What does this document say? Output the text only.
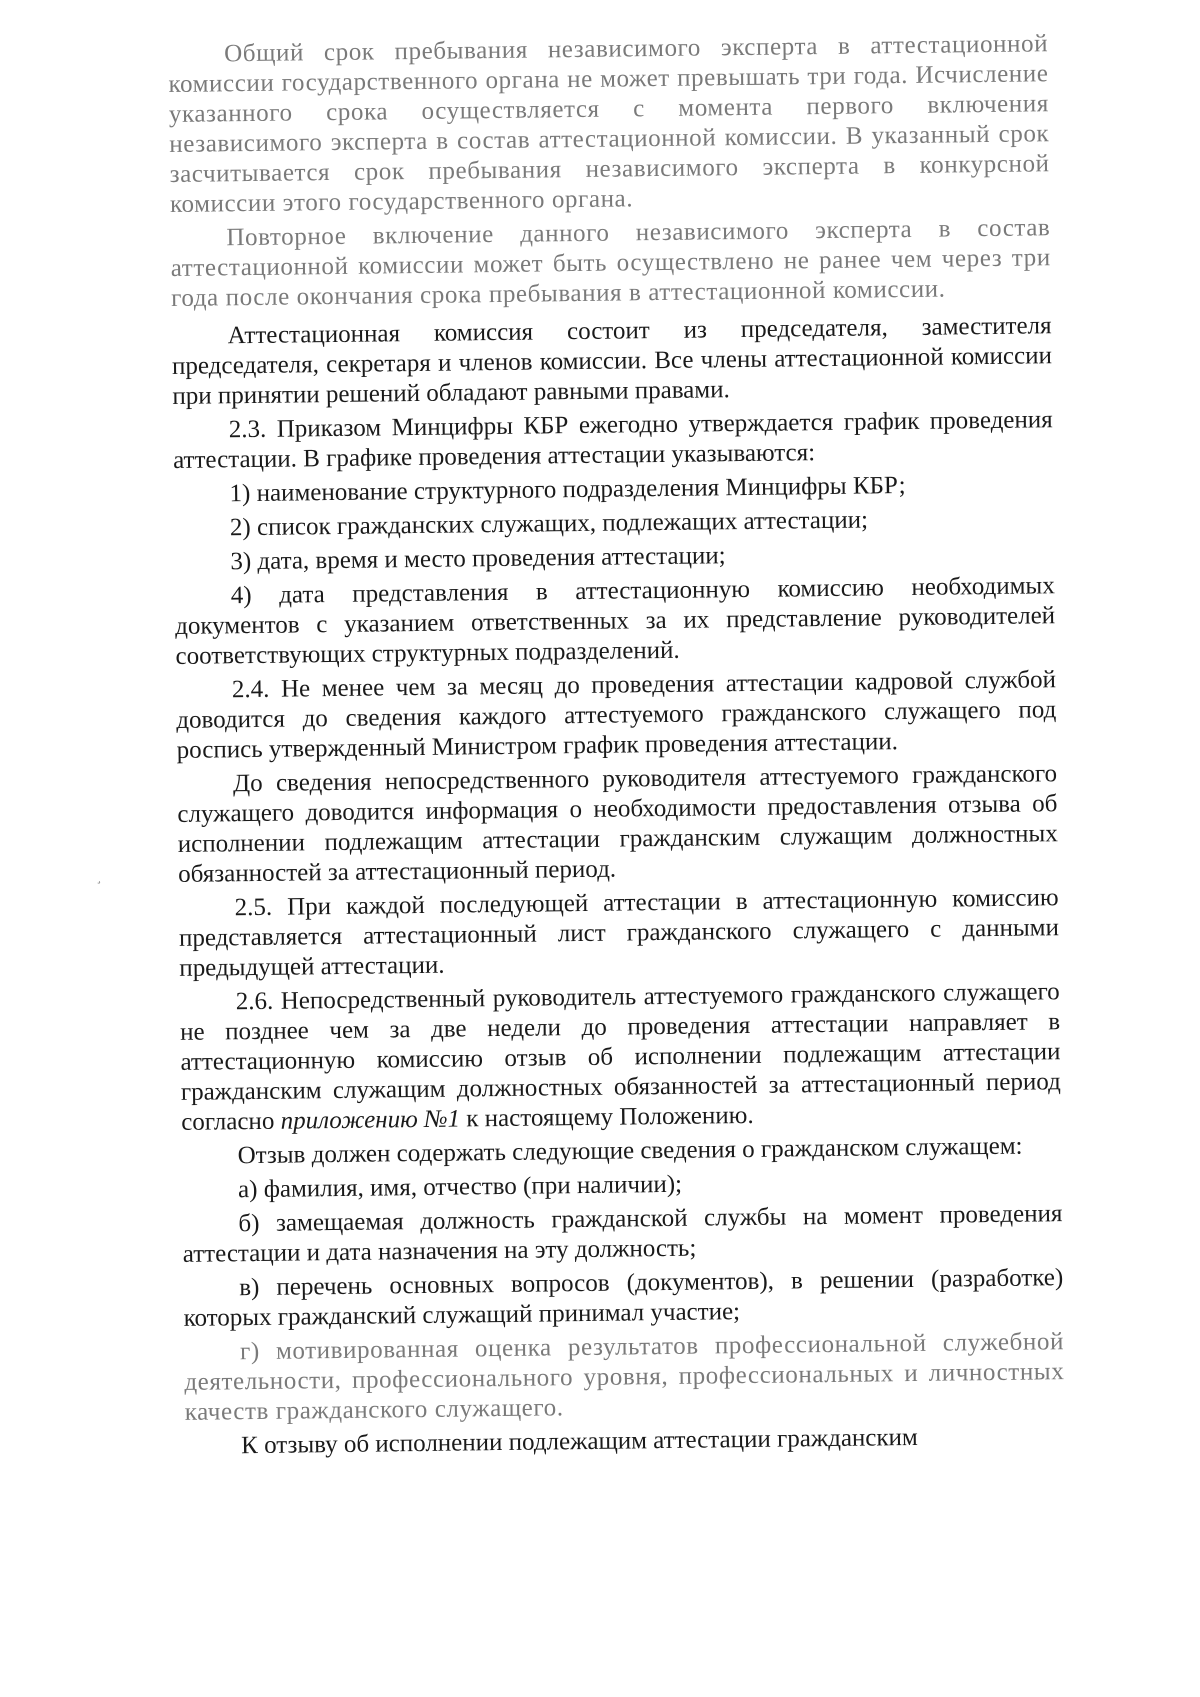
Общий срок пребывания независимого эксперта в аттестационной комиссии государственного органа не может превышать три года. Исчисление указанного срока осуществляется с момента первого включения независимого эксперта в состав аттестационной комиссии. В указанный срок засчитывается срок пребывания независимого эксперта в конкурсной комиссии этого государственного органа.

Повторное включение данного независимого эксперта в состав аттестационной комиссии может быть осуществлено не ранее чем через три года после окончания срока пребывания в аттестационной комиссии.

Аттестационная комиссия состоит из председателя, заместителя председателя, секретаря и членов комиссии. Все члены аттестационной комиссии при принятии решений обладают равными правами.

2.3. Приказом Минцифры КБР ежегодно утверждается график проведения аттестации. В графике проведения аттестации указываются:

1) наименование структурного подразделения Минцифры КБР;

2) список гражданских служащих, подлежащих аттестации;

3) дата, время и место проведения аттестации;

4) дата представления в аттестационную комиссию необходимых документов с указанием ответственных за их представление руководителей соответствующих структурных подразделений.

2.4. Не менее чем за месяц до проведения аттестации кадровой службой доводится до сведения каждого аттестуемого гражданского служащего под роспись утвержденный Министром график проведения аттестации.

До сведения непосредственного руководителя аттестуемого гражданского служащего доводится информация о необходимости предоставления отзыва об исполнении подлежащим аттестации гражданским служащим должностных обязанностей за аттестационный период.

2.5. При каждой последующей аттестации в аттестационную комиссию представляется аттестационный лист гражданского служащего с данными предыдущей аттестации.

2.6. Непосредственный руководитель аттестуемого гражданского служащего не позднее чем за две недели до проведения аттестации направляет в аттестационную комиссию отзыв об исполнении подлежащим аттестации гражданским служащим должностных обязанностей за аттестационный период согласно приложению №1 к настоящему Положению.

Отзыв должен содержать следующие сведения о гражданском служащем:

а) фамилия, имя, отчество (при наличии);

б) замещаемая должность гражданской службы на момент проведения аттестации и дата назначения на эту должность;

в) перечень основных вопросов (документов), в решении (разработке) которых гражданский служащий принимал участие;

г) мотивированная оценка результатов профессиональной служебной деятельности, профессионального уровня, профессиональных и личностных качеств гражданского служащего.

К отзыву об исполнении подлежащим аттестации гражданским

¸
